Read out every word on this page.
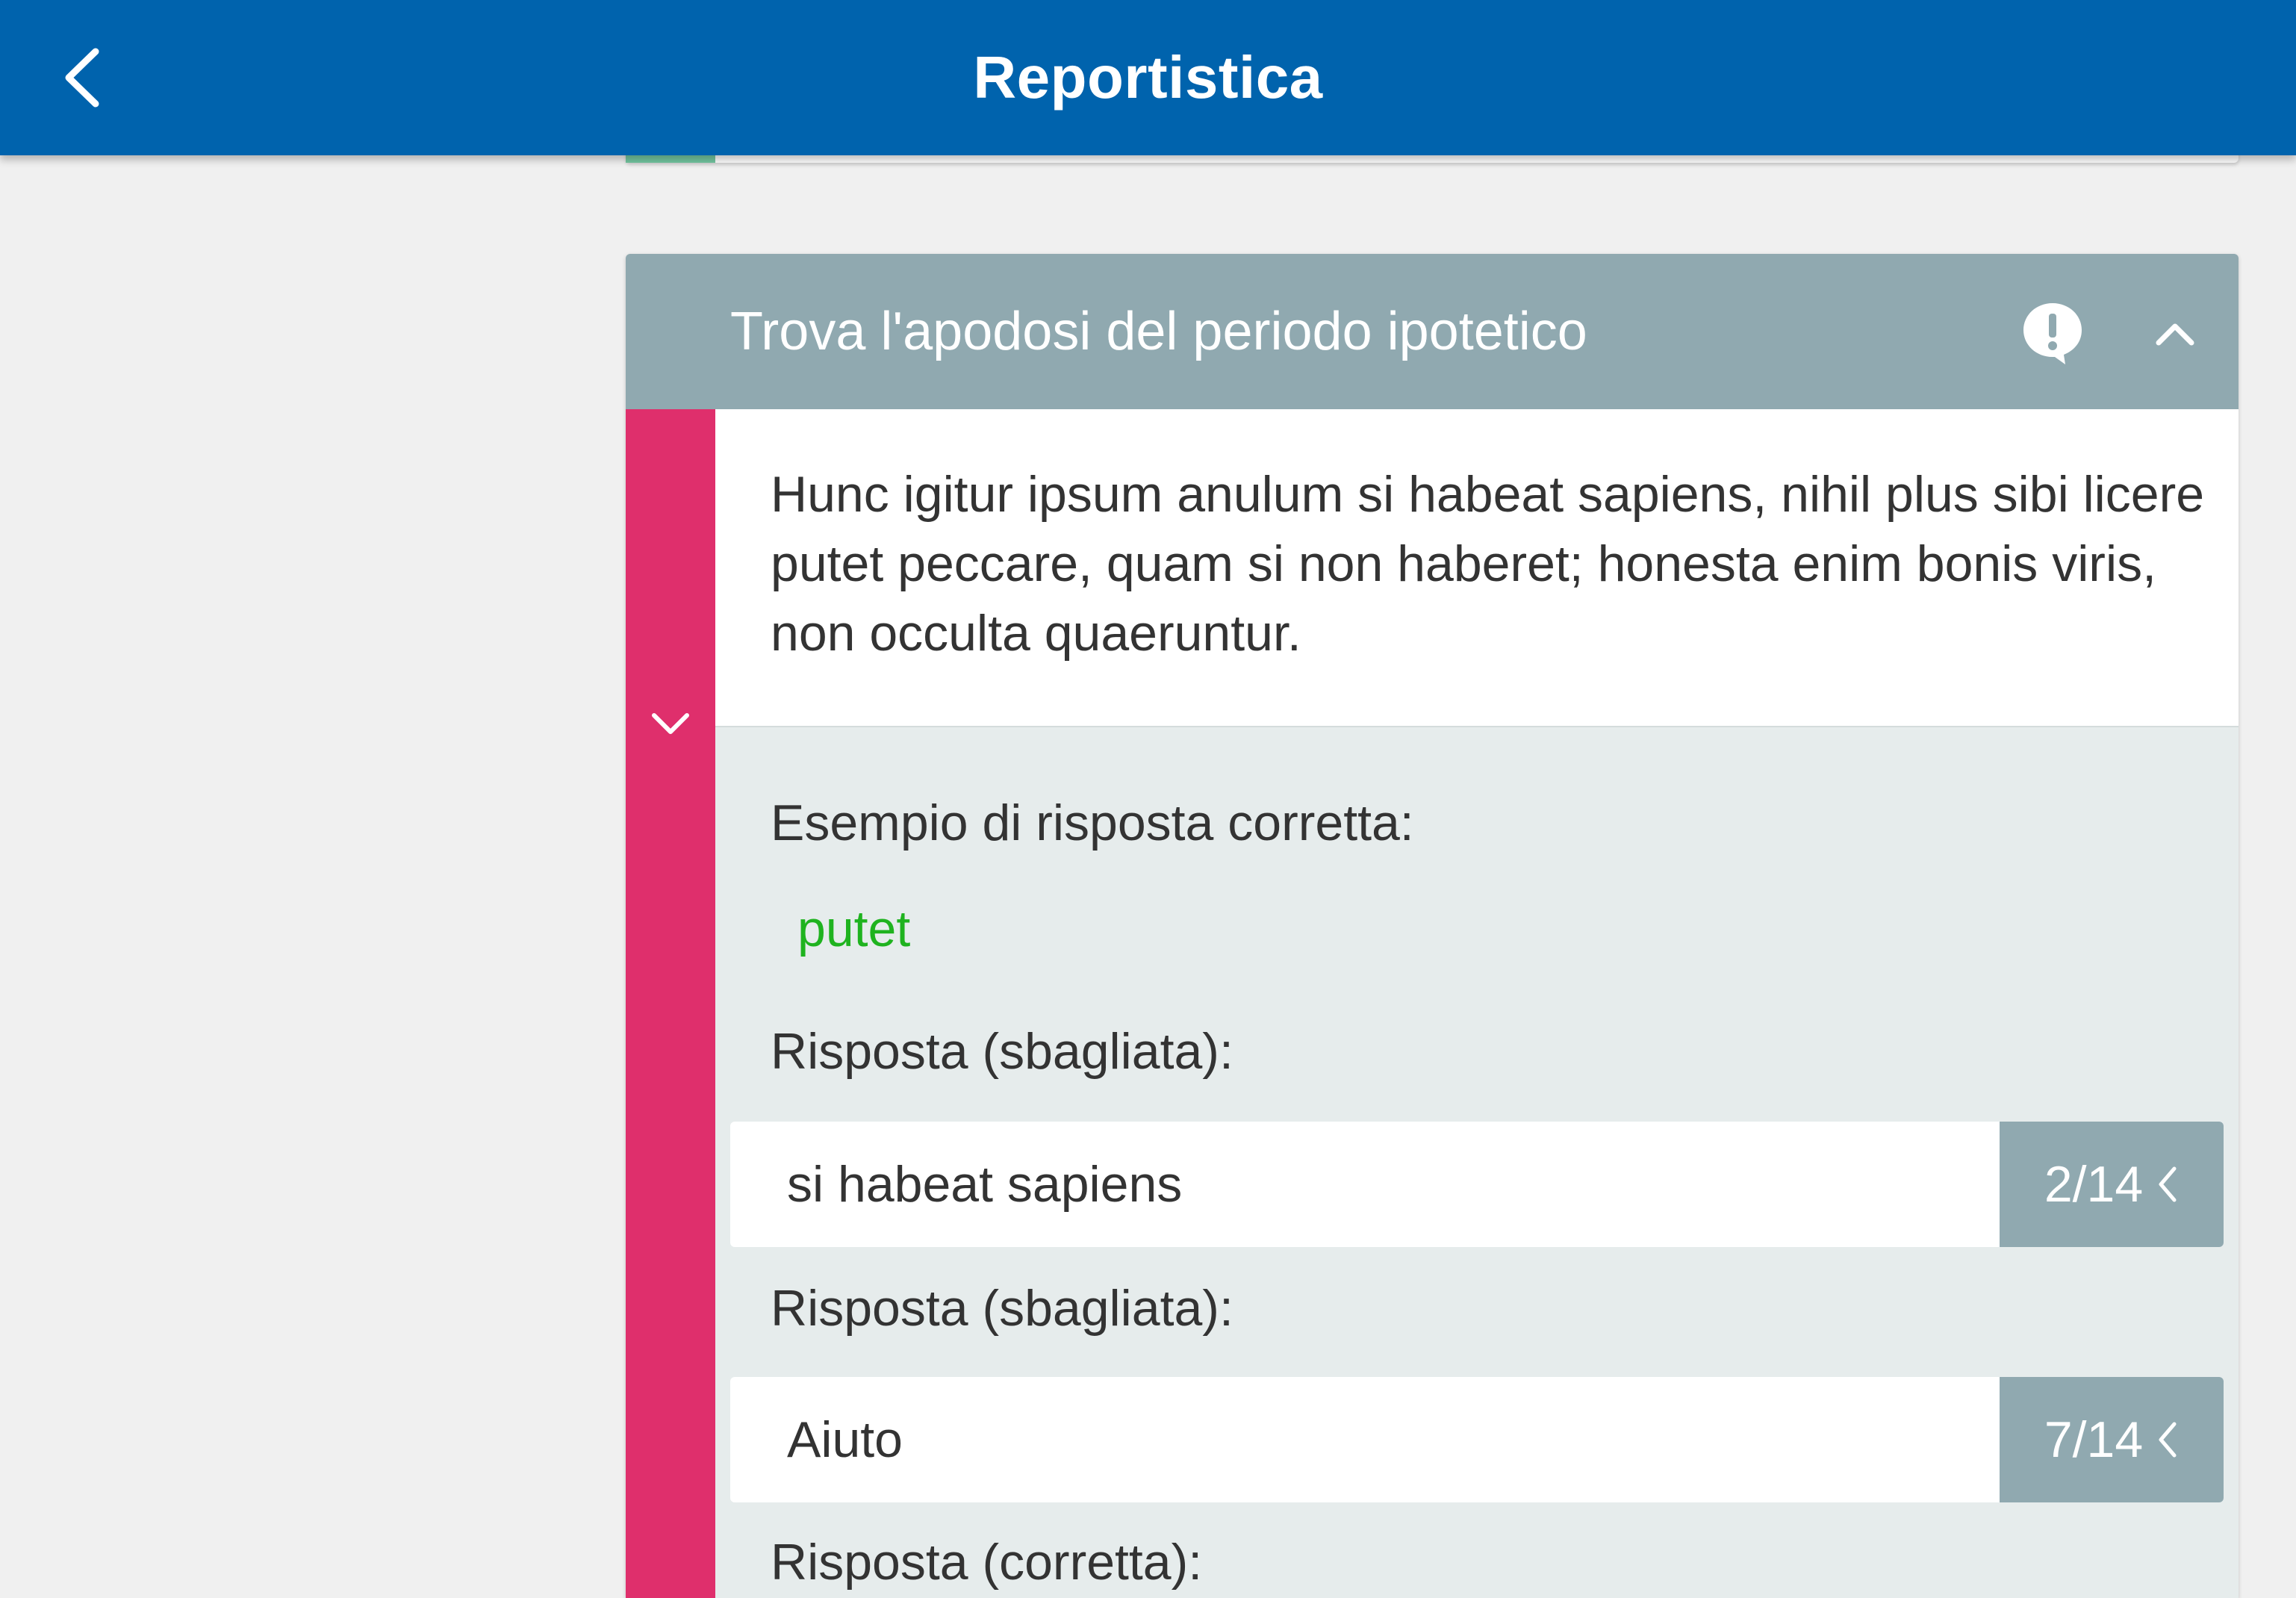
Reportistica
Trova l'apodosi del periodo ipotetico

Hunc igitur ipsum anulum si habeat sapiens, nihil plus sibi licere putet peccare, quam si non haberet; honesta enim bonis viris, non occulta quaeruntur.

Esempio di risposta corretta:

putet

Risposta (sbagliata):

si habeat sapiens	2/14

Risposta (sbagliata):

Aiuto	7/14

Risposta (corretta):
